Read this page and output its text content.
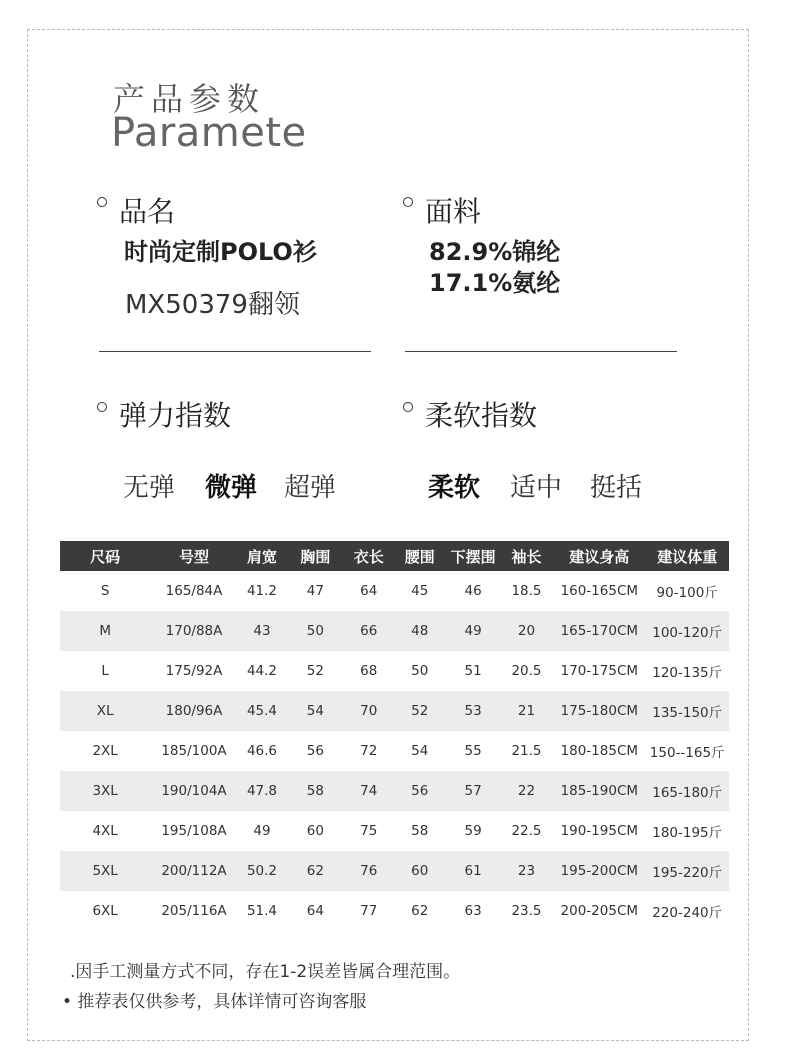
产品参数
Paramete
品名
时尚定制POLO衫
MX50379翻领
面料
82.9%锦纶
17.1%氨纶
弹力指数
无弹 微弹 超弹
柔软指数
柔软 适中 挺括
尺码	号型	肩宽	胸围	衣长	腰围	下摆围	袖长	建议身高	建议体重
S	165/84A	41.2	47	64	45	46	18.5	160-165CM	90-100斤
M	170/88A	43	50	66	48	49	20	165-170CM	100-120斤
L	175/92A	44.2	52	68	50	51	20.5	170-175CM	120-135斤
XL	180/96A	45.4	54	70	52	53	21	175-180CM	135-150斤
2XL	185/100A	46.6	56	72	54	55	21.5	180-185CM	150--165斤
3XL	190/104A	47.8	58	74	56	57	22	185-190CM	165-180斤
4XL	195/108A	49	60	75	58	59	22.5	190-195CM	180-195斤
5XL	200/112A	50.2	62	76	60	61	23	195-200CM	195-220斤
6XL	205/116A	51.4	64	77	62	63	23.5	200-205CM	220-240斤
.因手工测量方式不同，存在1-2误差皆属合理范围。
• 推荐表仅供参考，具体详情可咨询客服
